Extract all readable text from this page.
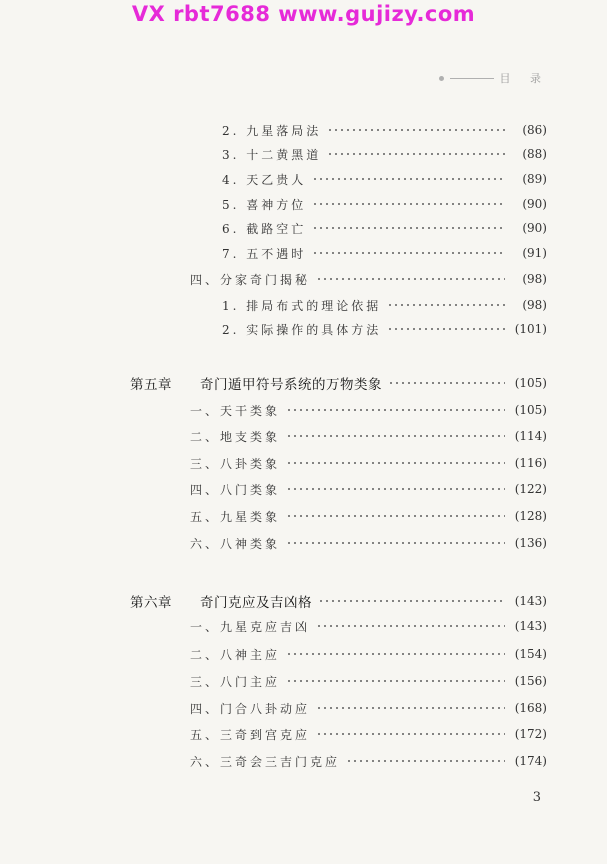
VX rbt7688 www.gujizy.com
目 录
2. 九星落局法	(86)
3. 十二黄黑道	(88)
4. 天乙贵人	(89)
5. 喜神方位	(90)
6. 截路空亡	(90)
7. 五不遇时	(91)
四、分家奇门揭秘	(98)
1. 排局布式的理论依据	(98)
2. 实际操作的具体方法	(101)
第五章 奇门遁甲符号系统的万物类象	(105)
一、天干类象	(105)
二、地支类象	(114)
三、八卦类象	(116)
四、八门类象	(122)
五、九星类象	(128)
六、八神类象	(136)
第六章 奇门克应及吉凶格	(143)
一、九星克应吉凶	(143)
二、八神主应	(154)
三、八门主应	(156)
四、门合八卦动应	(168)
五、三奇到宫克应	(172)
六、三奇会三吉门克应	(174)
3
